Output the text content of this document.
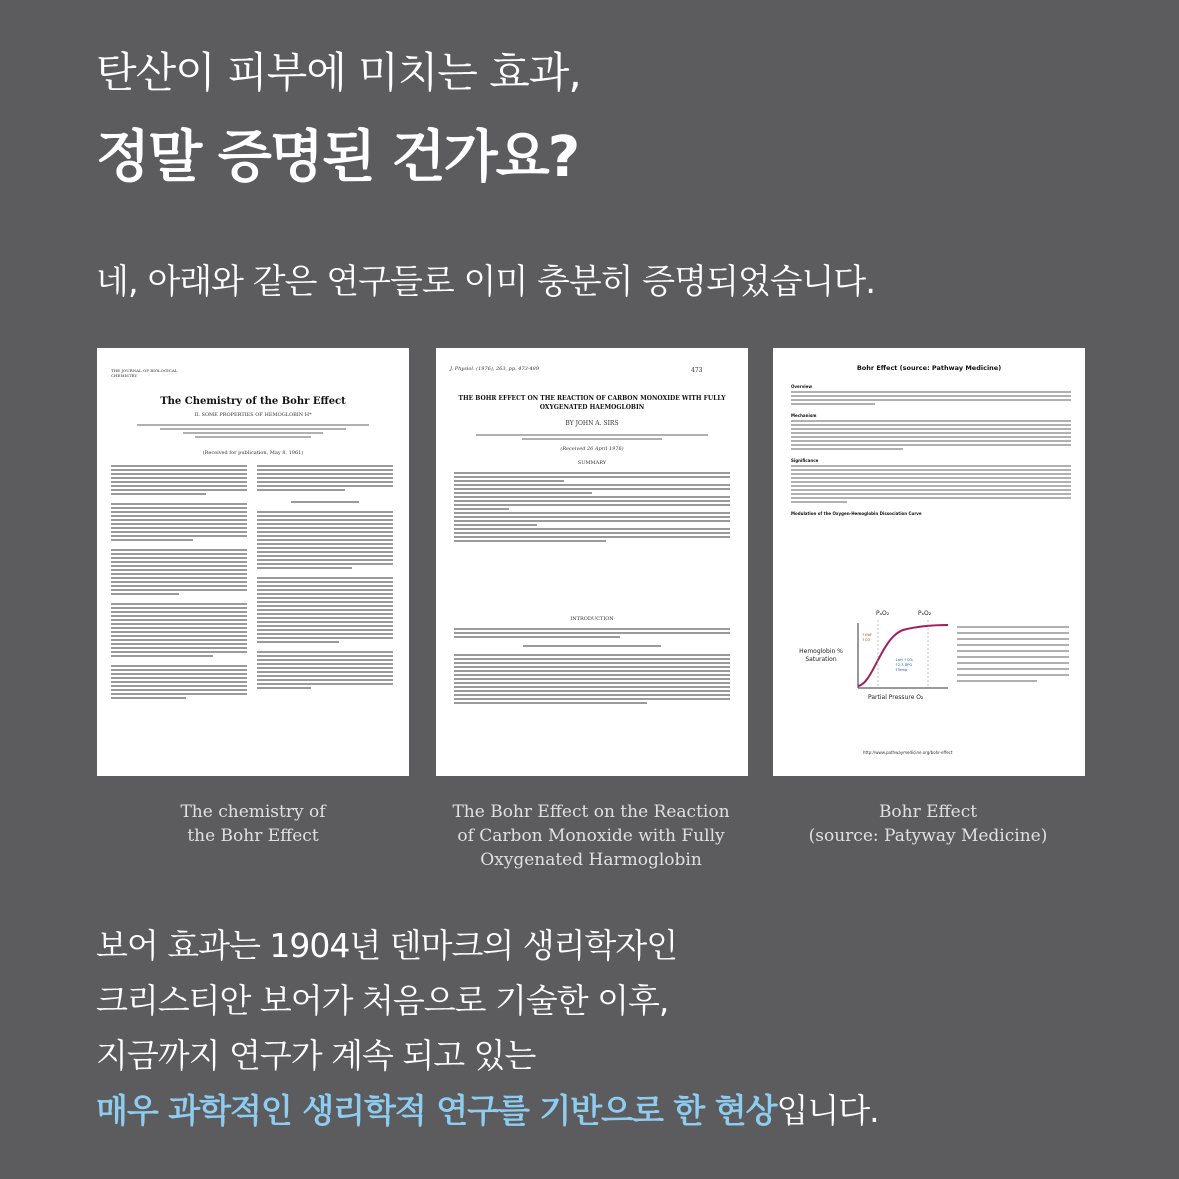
탄산이 피부에 미치는 효과,
정말 증명된 건가요?
네, 아래와 같은 연구들로 이미 충분히 증명되었습니다.
THE JOURNAL OF BIOLOGICAL CHEMISTRY
The Chemistry of the Bohr Effect
II. SOME PROPERTIES OF HEMOGLOBIN H*
(Received for publication, May 8, 1961)
J. Physiol. (1976), 263, pp. 473-489	473
THE BOHR EFFECT ON THE REACTION OF CARBON MONOXIDE WITH FULLY OXYGENATED HAEMOGLOBIN
BY JOHN A. SIRS
(Received 26 April 1976)
SUMMARY
INTRODUCTION
Bohr Effect (source: Pathway Medicine)
Overview
Mechanism
Significance
Modulation of the Oxygen-Hemoglobin Dissociation Curve
PₐO₂	PₐO₂
Hemoglobin % Saturation
↑HbF ↑CO
↓pH ↑CO₂ ↑2,3 DPG ↑Temp
Partial Pressure O₂
http://www.pathwaymedicine.org/bohr-effect
The chemistry of
the Bohr Effect
The Bohr Effect on the Reaction
of Carbon Monoxide with Fully
Oxygenated Harmoglobin
Bohr Effect
(source: Patyway Medicine)
보어 효과는 1904년 덴마크의 생리학자인
크리스티안 보어가 처음으로 기술한 이후,
지금까지 연구가 계속 되고 있는
매우 과학적인 생리학적 연구를 기반으로 한 현상입니다.
